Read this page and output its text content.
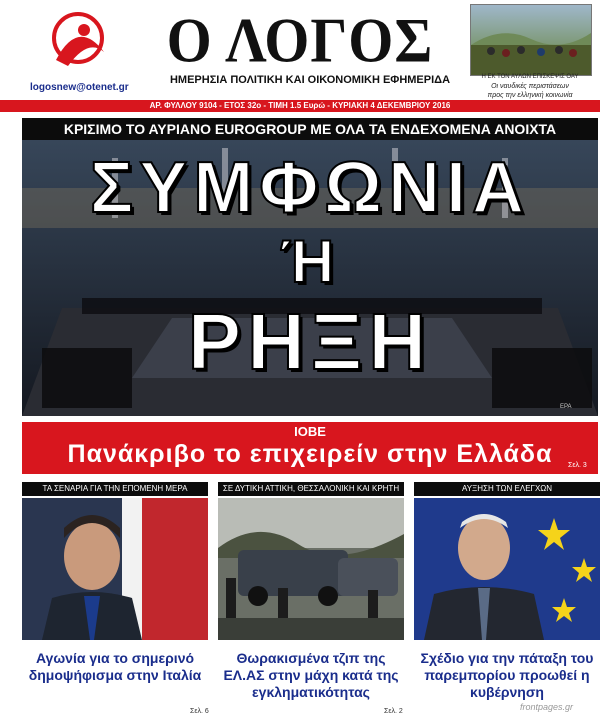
logosnew@otenet.gr
Ο ΛΟΓΟΣ
ΗΜΕΡΗΣΙΑ ΠΟΛΙΤΙΚΗ ΚΑΙ ΟΙΚΟΝΟΜΙΚΗ ΕΦΗΜΕΡΙΔΑ	Η ΕΚ ΤΟΝ ΑΥΛΩΝ ΕΠΙΣΚΕΨΙΣ ΟΑΥ
Οι ναυδικές περιστάσεων
προς την ελληνική κοινωνία
ΑΡ. ΦΥΛΛΟΥ 9104 - ΕΤΟΣ 32ο - ΤΙΜΗ 1.5 Ευρώ - ΚΥΡΙΑΚΗ 4 ΔΕΚΕΜΒΡΙΟΥ 2016
ΚΡΙΣΙΜΟ ΤΟ ΑΥΡΙΑΝΟ EUROGROUP ΜΕ ΟΛΑ ΤΑ ΕΝΔΕΧΟΜΕΝΑ ΑΝΟΙΧΤΑ
ΣΥΜΦΩΝΙΑ
Ή
ΡΗΞΗ
EPA
ΙΟΒΕ
Πανάκριβο το επιχειρείν στην Ελλάδα	Σελ. 3
ΤΑ ΣΕΝΑΡΙΑ ΓΙΑ ΤΗΝ ΕΠΟΜΕΝΗ ΜΕΡΑ
Αγωνία για το σημερινό δημοψήφισμα στην Ιταλία
Σελ. 6
ΣΕ ΔΥΤΙΚΗ ΑΤΤΙΚΗ, ΘΕΣΣΑΛΟΝΙΚΗ ΚΑΙ ΚΡΗΤΗ
Θωρακισμένα τζιπ της ΕΛ.ΑΣ στην μάχη κατά της εγκληματικότητας
Σελ. 2
ΑΥΞΗΣΗ ΤΩΝ ΕΛΕΓΧΩΝ
Σχέδιο για την πάταξη του παρεμπορίου προωθεί η κυβέρνηση
frontpages.gr
